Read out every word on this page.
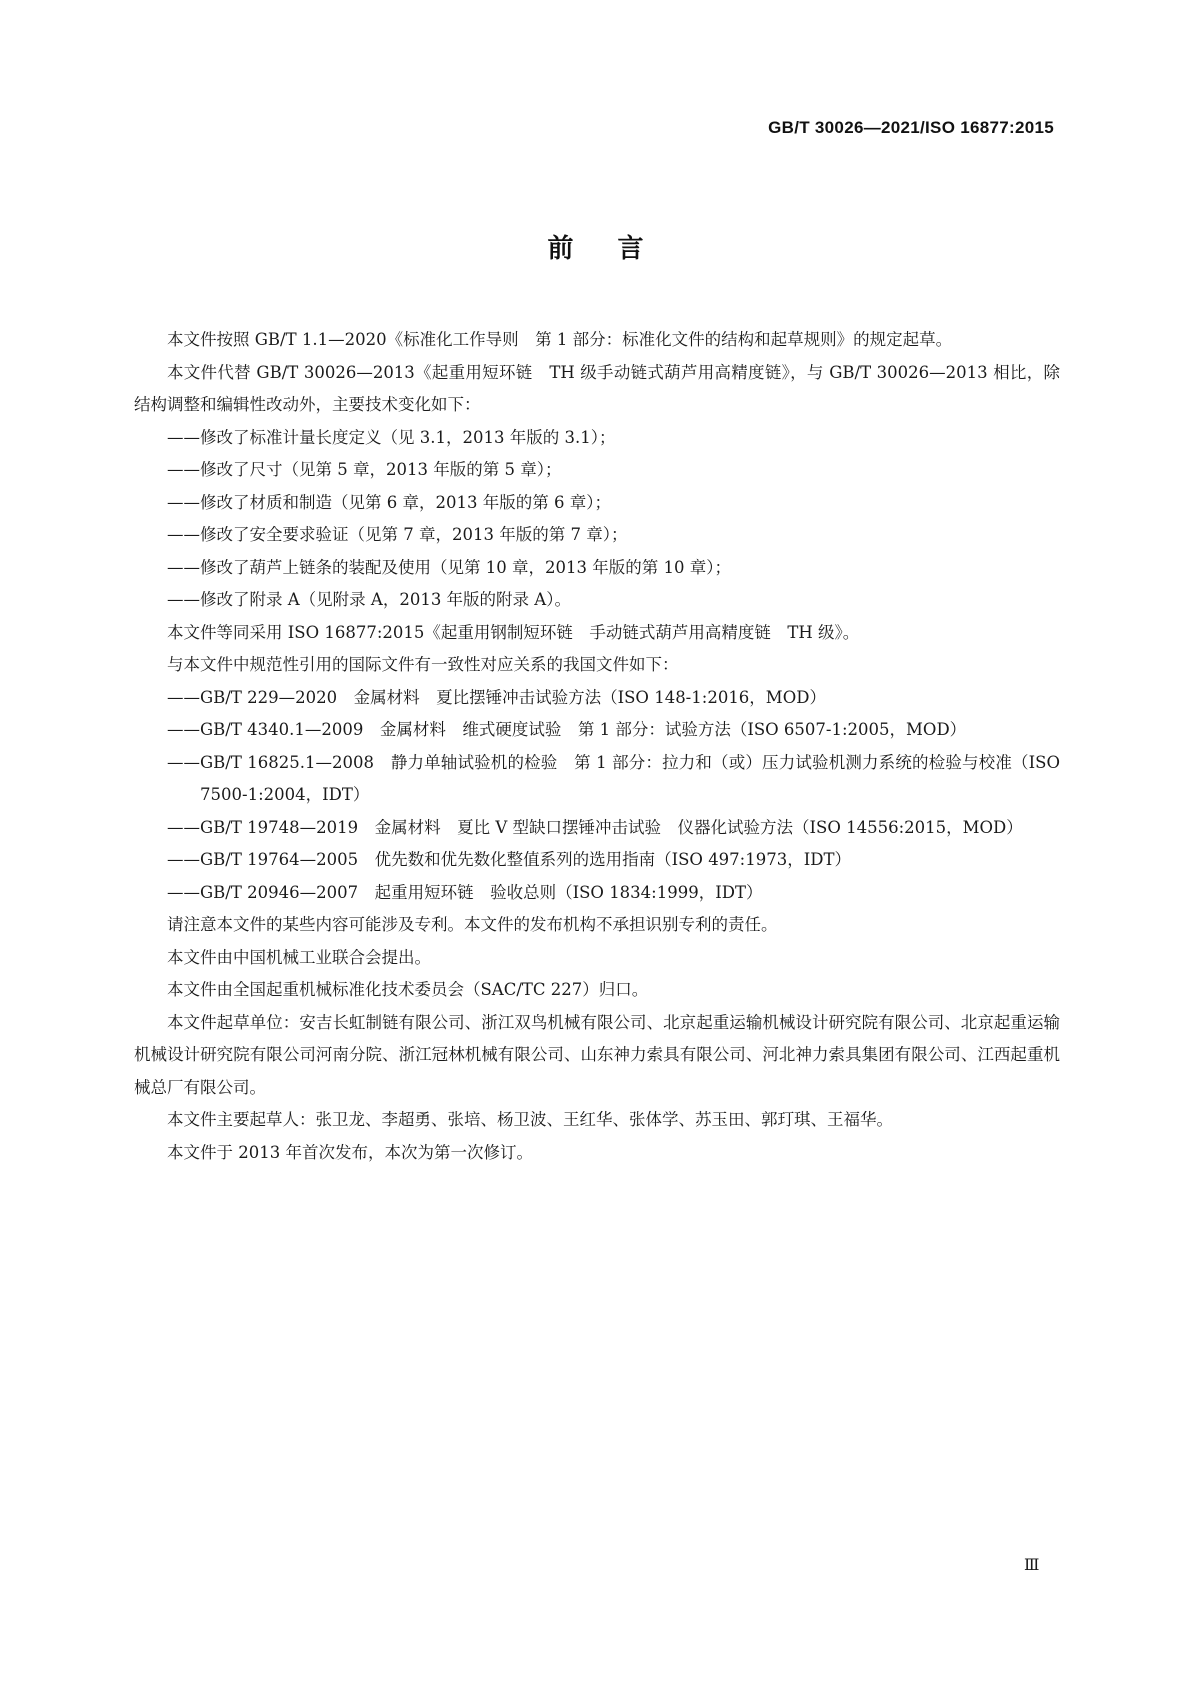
GB/T 30026—2021/ISO 16877:2015
前 言

本文件按照 GB/T 1.1—2020《标准化工作导则　第 1 部分：标准化文件的结构和起草规则》的规定起草。

本文件代替 GB/T 30026—2013《起重用短环链　TH 级手动链式葫芦用高精度链》，与 GB/T 30026—2013 相比，除结构调整和编辑性改动外，主要技术变化如下：

——修改了标准计量长度定义（见 3.1，2013 年版的 3.1）；

——修改了尺寸（见第 5 章，2013 年版的第 5 章）；

——修改了材质和制造（见第 6 章，2013 年版的第 6 章）；

——修改了安全要求验证（见第 7 章，2013 年版的第 7 章）；

——修改了葫芦上链条的装配及使用（见第 10 章，2013 年版的第 10 章）；

——修改了附录 A（见附录 A，2013 年版的附录 A）。

本文件等同采用 ISO 16877:2015《起重用钢制短环链　手动链式葫芦用高精度链　TH 级》。

与本文件中规范性引用的国际文件有一致性对应关系的我国文件如下：

——GB/T 229—2020　金属材料　夏比摆锤冲击试验方法（ISO 148-1:2016，MOD）

——GB/T 4340.1—2009　金属材料　维式硬度试验　第 1 部分：试验方法（ISO 6507-1:2005，MOD）

——GB/T 16825.1—2008　静力单轴试验机的检验　第 1 部分：拉力和（或）压力试验机测力系统的检验与校准（ISO 7500-1:2004，IDT）

——GB/T 19748—2019　金属材料　夏比 V 型缺口摆锤冲击试验　仪器化试验方法（ISO 14556:2015，MOD）

——GB/T 19764—2005　优先数和优先数化整值系列的选用指南（ISO 497:1973，IDT）

——GB/T 20946—2007　起重用短环链　验收总则（ISO 1834:1999，IDT）

请注意本文件的某些内容可能涉及专利。本文件的发布机构不承担识别专利的责任。

本文件由中国机械工业联合会提出。

本文件由全国起重机械标准化技术委员会（SAC/TC 227）归口。

本文件起草单位：安吉长虹制链有限公司、浙江双鸟机械有限公司、北京起重运输机械设计研究院有限公司、北京起重运输机械设计研究院有限公司河南分院、浙江冠林机械有限公司、山东神力索具有限公司、河北神力索具集团有限公司、江西起重机械总厂有限公司。

本文件主要起草人：张卫龙、李超勇、张培、杨卫波、王红华、张体学、苏玉田、郭玎琪、王福华。

本文件于 2013 年首次发布，本次为第一次修订。

Ⅲ
